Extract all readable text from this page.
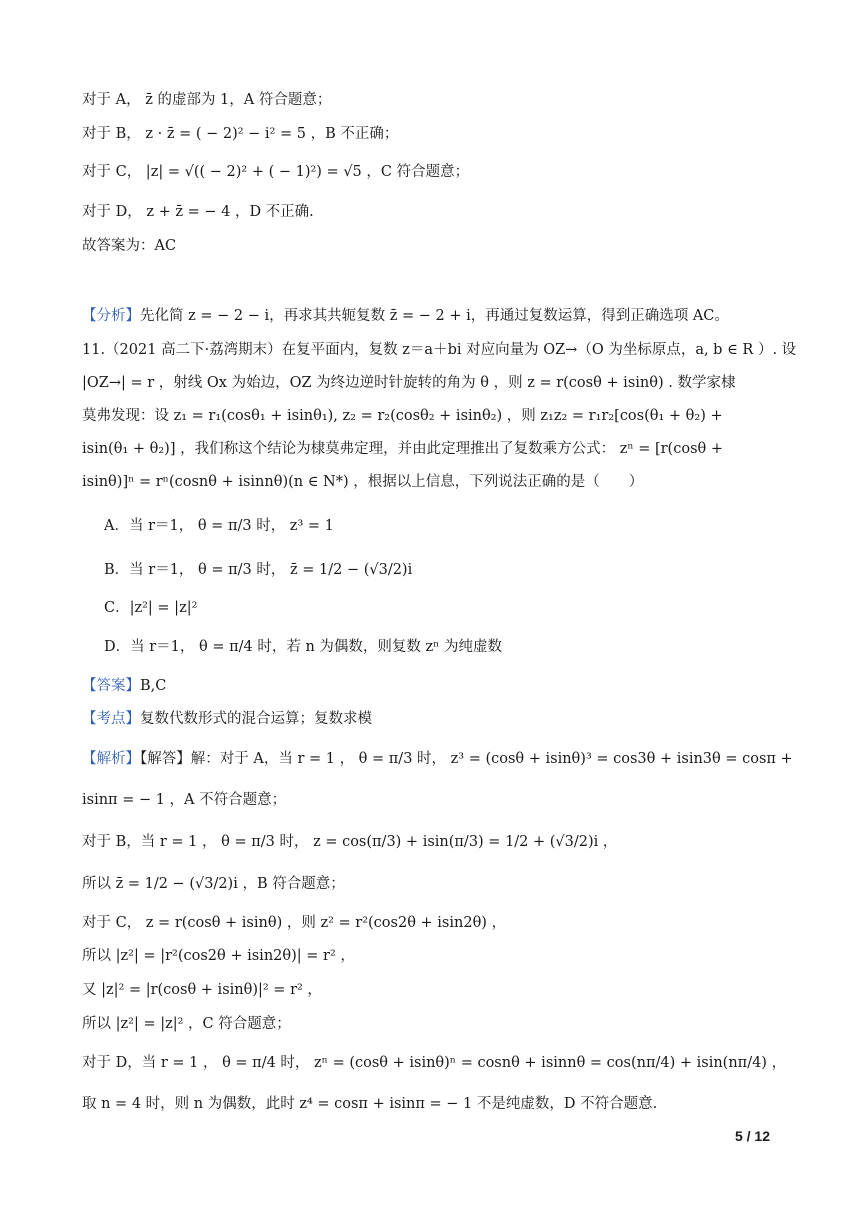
对于 A， z̄ 的虚部为 1，A 符合题意；
对于 B， z · z̄ = ( − 2)² − i² = 5 ，B 不正确；
对于 C， |z| = √(( − 2)² + ( − 1)²) = √5 ，C 符合题意；
对于 D， z + z̄ = − 4 ，D 不正确.
故答案为：AC
【分析】先化简 z = − 2 − i，再求其共轭复数 z̄ = − 2 + i，再通过复数运算，得到正确选项 AC。
11.（2021 高二下·荔湾期末）在复平面内，复数 z＝a＋bi 对应向量为 OZ→（O 为坐标原点，a, b ∈ R ）. 设
|OZ→| = r ，射线 Ox 为始边，OZ 为终边逆时针旋转的角为 θ ，则 z = r(cosθ + isinθ) . 数学家棣
莫弗发现：设 z₁ = r₁(cosθ₁ + isinθ₁), z₂ = r₂(cosθ₂ + isinθ₂) ，则 z₁z₂ = r₁r₂[cos(θ₁ + θ₂) +
isin(θ₁ + θ₂)] ，我们称这个结论为棣莫弗定理，并由此定理推出了复数乘方公式： zⁿ = [r(cosθ +
isinθ)]ⁿ = rⁿ(cosnθ + isinnθ)(n ∈ N*) ，根据以上信息，下列说法正确的是（　　）
A．当 r＝1， θ = π/3 时， z³ = 1
B．当 r＝1， θ = π/3 时， z̄ = 1/2 − (√3/2)i
C．|z²| = |z|²
D．当 r＝1， θ = π/4 时，若 n 为偶数，则复数 zⁿ 为纯虚数
【答案】B,C
【考点】复数代数形式的混合运算；复数求模
【解析】【解答】解：对于 A，当 r = 1 ， θ = π/3 时， z³ = (cosθ + isinθ)³ = cos3θ + isin3θ = cosπ +
isinπ = − 1 ，A 不符合题意；
对于 B，当 r = 1 ， θ = π/3 时， z = cos(π/3) + isin(π/3) = 1/2 + (√3/2)i ，
所以 z̄ = 1/2 − (√3/2)i ，B 符合题意；
对于 C， z = r(cosθ + isinθ) ，则 z² = r²(cos2θ + isin2θ) ，
所以 |z²| = |r²(cos2θ + isin2θ)| = r² ，
又 |z|² = |r(cosθ + isinθ)|² = r² ，
所以 |z²| = |z|² ，C 符合题意；
对于 D，当 r = 1 ， θ = π/4 时， zⁿ = (cosθ + isinθ)ⁿ = cosnθ + isinnθ = cos(nπ/4) + isin(nπ/4) ，
取 n = 4 时，则 n 为偶数，此时 z⁴ = cosπ + isinπ = − 1 不是纯虚数，D 不符合题意.
5 / 12
